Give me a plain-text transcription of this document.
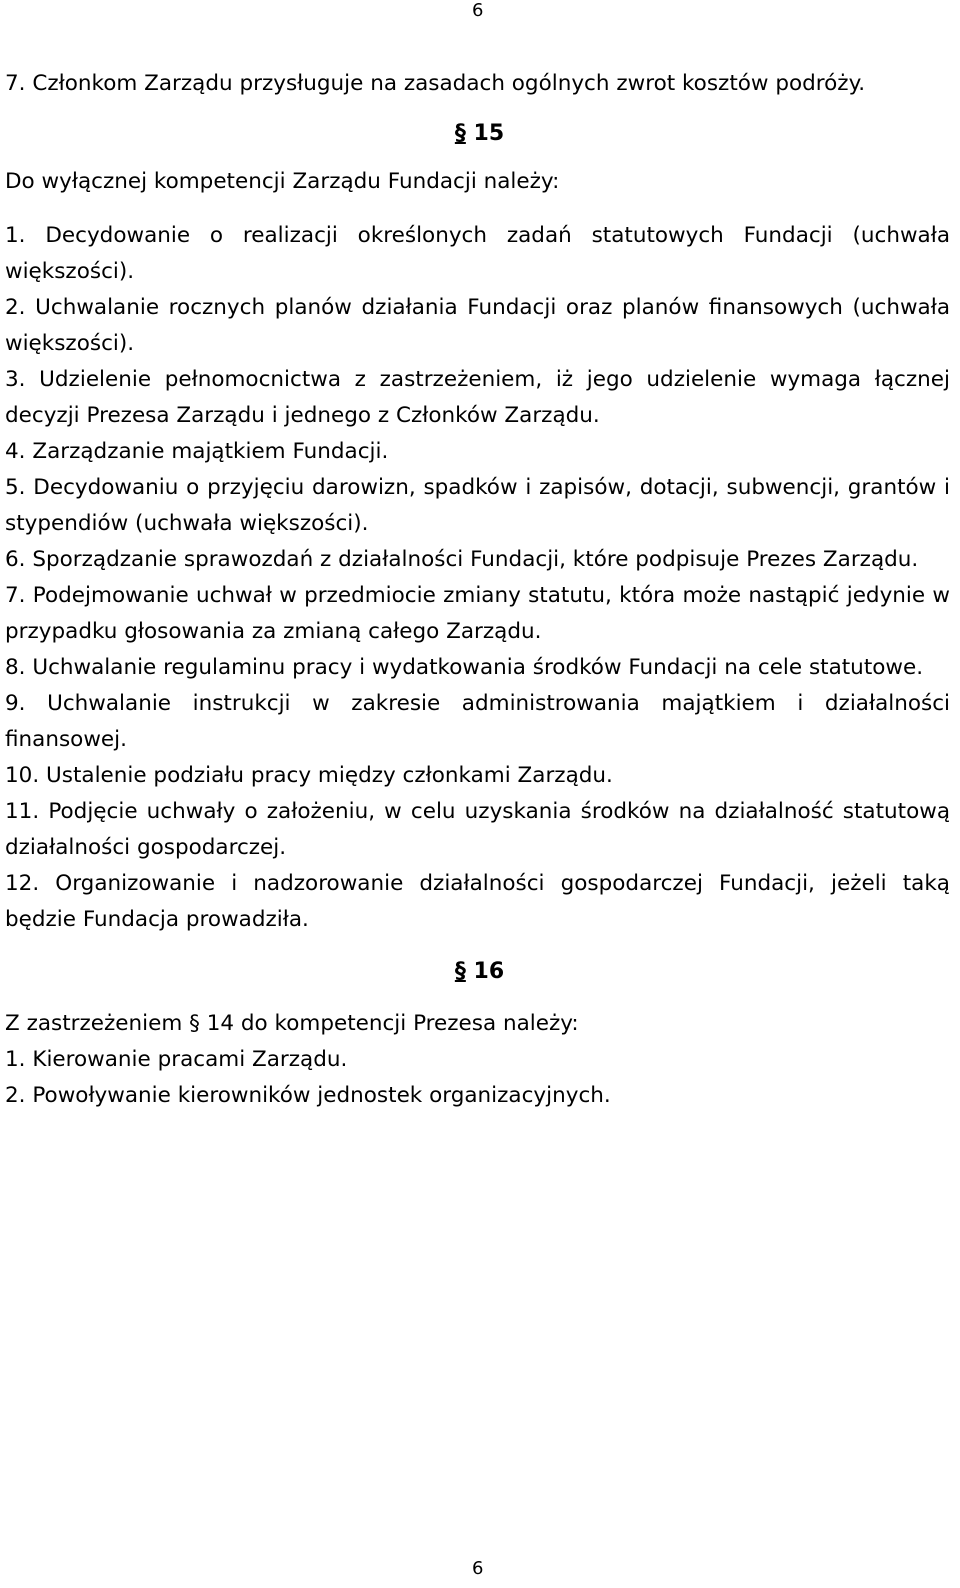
6

7. Członkom Zarządu przysługuje na zasadach ogólnych zwrot kosztów podróży.

§ 15

Do wyłącznej kompetencji Zarządu Fundacji należy:

1. Decydowanie o realizacji określonych zadań statutowych Fundacji (uchwała większości).

2. Uchwalanie rocznych planów działania Fundacji oraz planów finansowych (uchwała większości).

3. Udzielenie pełnomocnictwa z zastrzeżeniem, iż jego udzielenie wymaga łącznej decyzji Prezesa Zarządu i jednego z Członków Zarządu.

4. Zarządzanie majątkiem Fundacji.

5. Decydowaniu o przyjęciu darowizn, spadków i zapisów, dotacji, subwencji, grantów i stypendiów (uchwała większości).

6. Sporządzanie sprawozdań z działalności Fundacji, które podpisuje Prezes Zarządu.

7. Podejmowanie uchwał w przedmiocie zmiany statutu, która może nastąpić jedynie w przypadku głosowania za zmianą całego Zarządu.

8. Uchwalanie regulaminu pracy i wydatkowania środków Fundacji na cele statutowe.

9. Uchwalanie instrukcji w zakresie administrowania majątkiem i działalności finansowej.

10. Ustalenie podziału pracy między członkami Zarządu.

11. Podjęcie uchwały o założeniu, w celu uzyskania środków na działalność statutową działalności gospodarczej.

12. Organizowanie i nadzorowanie działalności gospodarczej Fundacji, jeżeli taką będzie Fundacja prowadziła.

§ 16

Z zastrzeżeniem § 14 do kompetencji Prezesa należy:

1. Kierowanie pracami Zarządu.

2. Powoływanie kierowników jednostek organizacyjnych.

6
